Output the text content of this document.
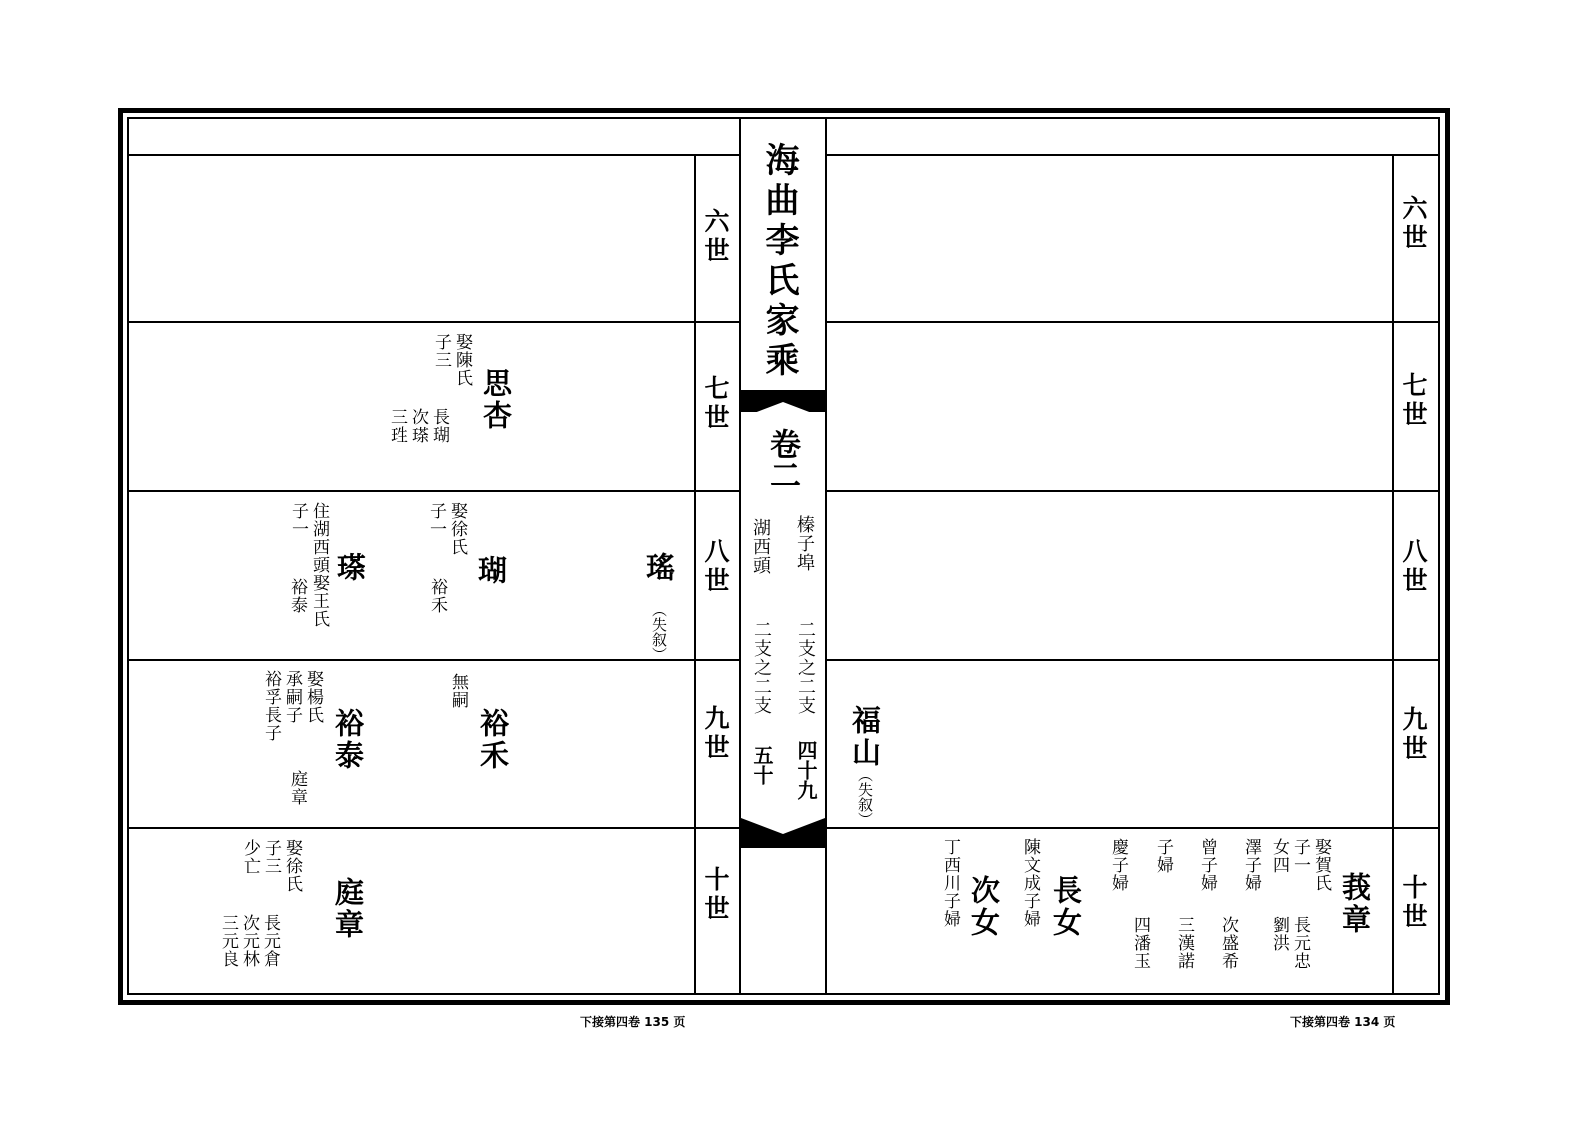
海曲李氏家乘
卷二
榛子埠
湖西頭
二支之二支
二支之二支
四十九
五十
六世
七世
八世
九世
十世
六世
七世
八世
九世
十世
思杏

娶陳氏

子三

長瑚

次瑹

三珄

瑤
（失叙）
瑚

娶徐氏

子一

裕禾

瑹

住湖西頭娶王氏

子一

裕泰

裕禾
無嗣
裕泰

娶楊氏

承嗣子

裕孚長子

庭章

庭章

娶徐氏

子三

少亡

長元倉

次元林

三元良

福山
（失叙）
莪章

娶賀氏

子一

女四

澤子婦
曾子婦
子婦
慶子婦

長元忠

劉洪

次盛希
三漢諾
四潘玉
長女
陳文成子婦
次女
丁西川子婦
下接第四卷 135 页	下接第四卷 134 页
